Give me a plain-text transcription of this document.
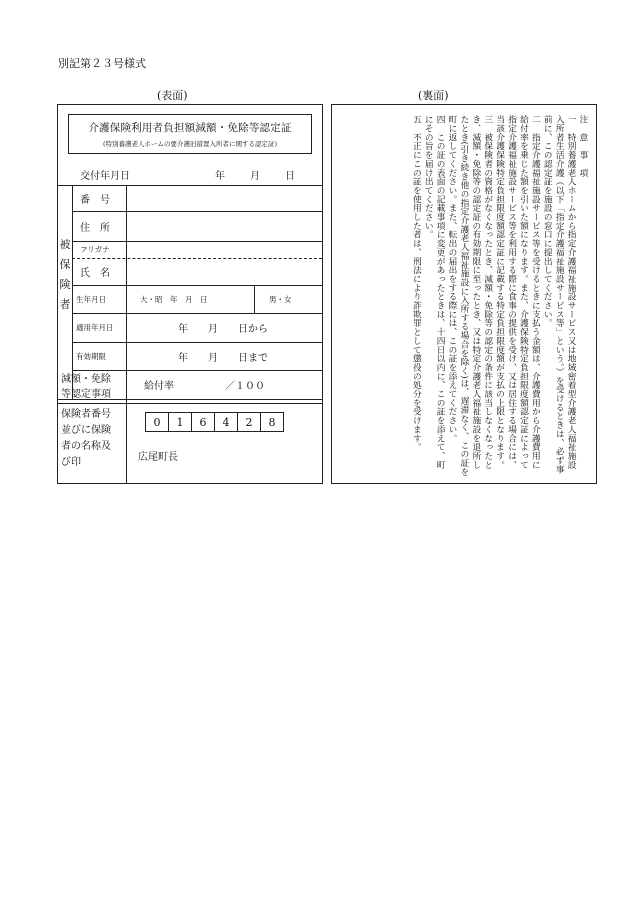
別記第２３号様式
(表面)	(裏面)
介護保険利用者負担額減額・免除等認定証
(特別養護老人ホームの要介護旧措置入所者に関する認定証)
交付年月日	年	月	日
被保険者
番　号
住　所
フリガナ
氏　名
生年月日	大・昭　年　月　日	男・女
適用年月日	年　　月　　日から
有効期限	年　　月　　日まで
減額・免除
等認定事項
給付率	／１００
保険者番号
並びに保険
者の名称及
び印	広尾町長
0	1	6	4	2	8
注　意　事　項
一　特別養護老人ホームから指定介護福祉施設サービス又は地域密着型介護老人福祉施設入所者生活介護（以下「指定介護福祉施設サービス等」という。）を受けるときは、必ず事前に、この認定証を施設の窓口に提出してください。
二　指定介護福祉施設サービス等を受けるときに支払う金額は、介護費用から介護費用に給付率を乗じた額を引いた額になります。また、介護保険特定負担限度額認定証によって指定介護福祉施設サービス等を利用する際に食事の提供を受け、又は居住する場合には、当該介護保険特定負担限度額認定証に記載する特定負担限度額が支払の上限となります。
三　被保険者の資格がなくなったとき、減額・免除等の認定の条件に該当しなくなったとき、減額・免除等の認定証の有効期限に至ったとき、又は特定介護老人福祉施設を退所したとき(引き続き他の指定介護老人福祉施設に入所する場合を除く)は、遅滞なく、この証を町に返してください。また、転出の届出をする際には、この証を添えてください。
四　この証の表面の記載事項に変更があったときは、十四日以内に、この証を添えて、町にその旨を届け出てください。
五　不正にこの証を使用した者は、刑法により詐欺罪として懲役の処分を受けます。
